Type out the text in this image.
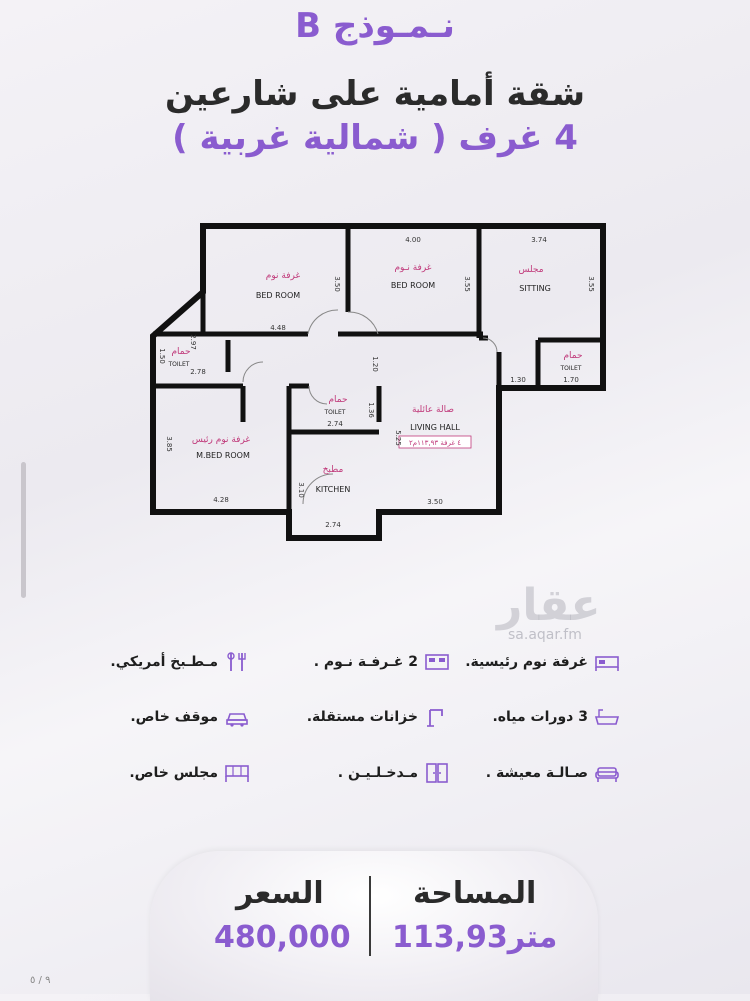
نـمـوذج B
شقة أمامية على شارعين
4 غرف ( شمالية غربية )
غرفة نوم
غرفة نـوم	مجلس
غرفة نوم رئيس
صالة عائلية
مطبخ
حمام
حمام
حمام
BED ROOM
BED ROOM	SITTING
M.BED ROOM
LIVING HALL
KITCHEN
TOILET
TOILET
TOILET
٤ غرفة ١١٣,٩٣م٢
4.00	3.74
4.48
2.78
2.74
4.28
2.74
3.50
1.30	1.70
3.50	3.55	3.55
3.85
3.10
1.36
1.20
5.25
1.50
2.97
عقار
sa.aqar.fm
غرفة نوم رئيسية.
2 غـرفـة نـوم .
مـطـبخ أمريكي.
3 دورات مياه.
خزانات مستقلة.
موقف خاص.
صـالـة معيشة .
مـدخـلـيـن .
مجلس خاص.
المساحة
113,93متر
السعر
480,000
٩ / ٥
